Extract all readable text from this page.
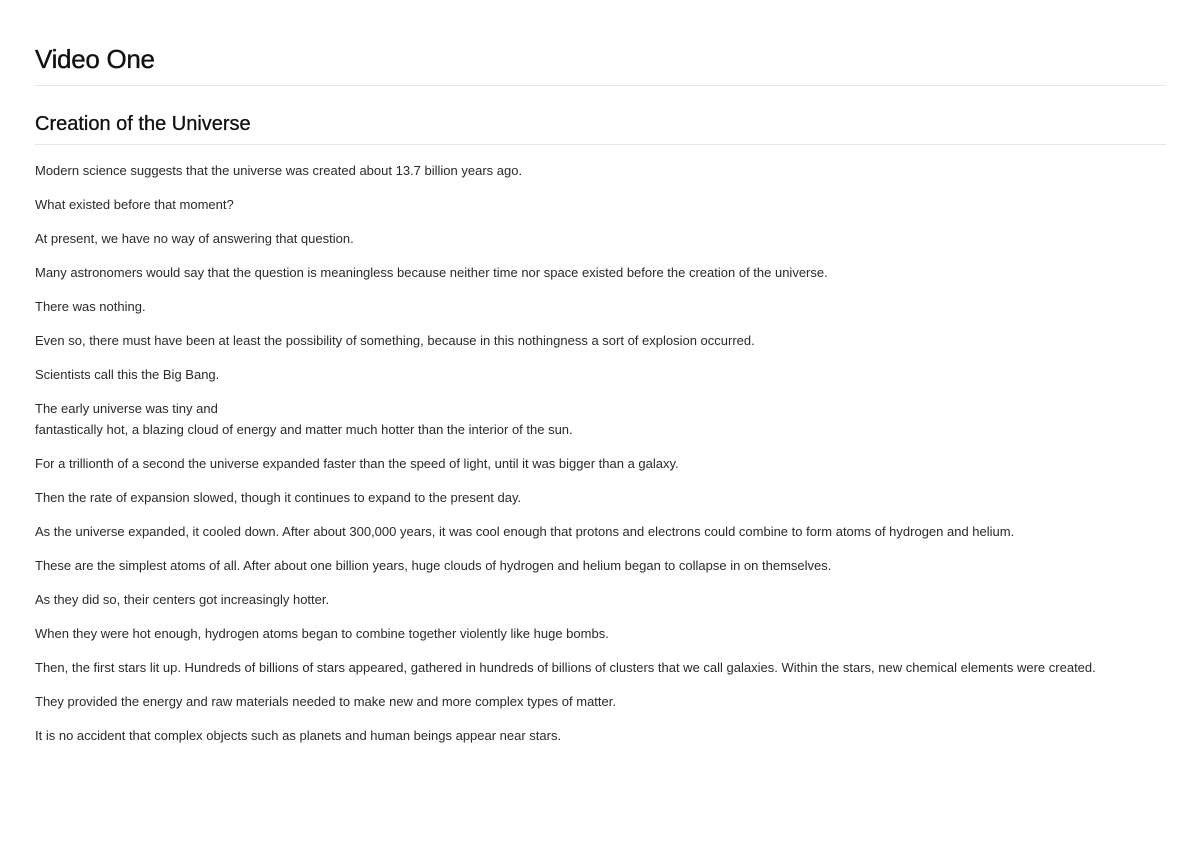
Video One
Creation of the Universe

Modern science suggests that the universe was created about 13.7 billion years ago.

What existed before that moment?

At present, we have no way of answering that question.

Many astronomers would say that the question is meaningless because neither time nor space existed before the creation of the universe.

There was nothing.

Even so, there must have been at least the possibility of something, because in this nothingness a sort of explosion occurred.

Scientists call this the Big Bang.

The early universe was tiny and
fantastically hot, a blazing cloud of energy and matter much hotter than the interior of the sun.

For a trillionth of a second the universe expanded faster than the speed of light, until it was bigger than a galaxy.

Then the rate of expansion slowed, though it continues to expand to the present day.

As the universe expanded, it cooled down. After about 300,000 years, it was cool enough that protons and electrons could combine to form atoms of hydrogen and helium.

These are the simplest atoms of all. After about one billion years, huge clouds of hydrogen and helium began to collapse in on themselves.

As they did so, their centers got increasingly hotter.

When they were hot enough, hydrogen atoms began to combine together violently like huge bombs.

Then, the first stars lit up. Hundreds of billions of stars appeared, gathered in hundreds of billions of clusters that we call galaxies. Within the stars, new chemical elements were created.

They provided the energy and raw materials needed to make new and more complex types of matter.

It is no accident that complex objects such as planets and human beings appear near stars.
